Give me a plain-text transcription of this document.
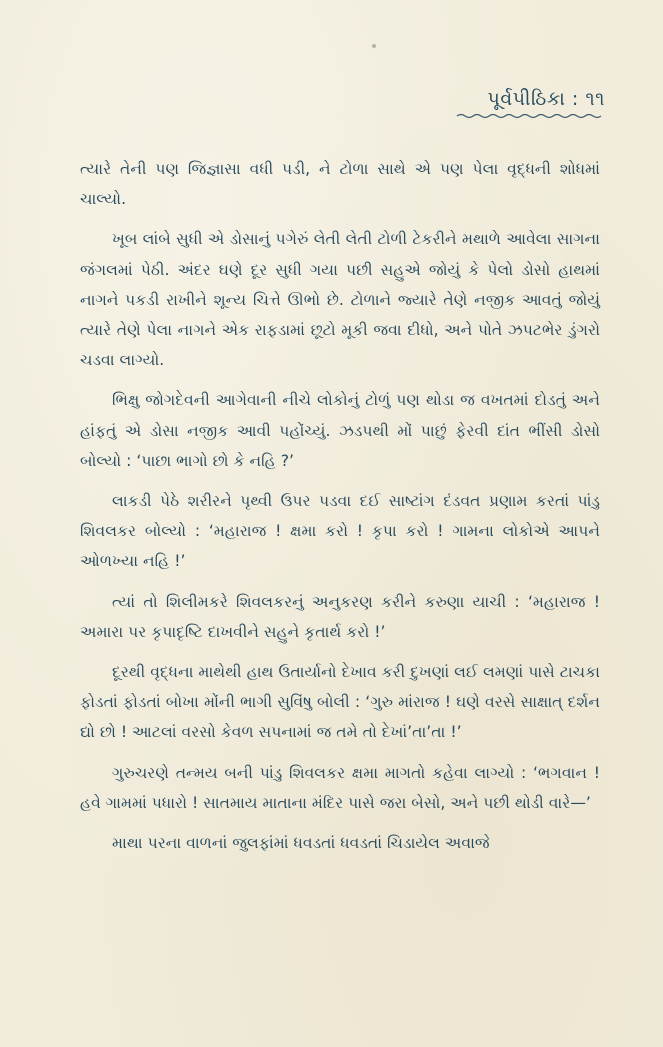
પૂર્વપીઠિકા : ૧૧

ત્યારે તેની પણ જિજ્ઞાસા વધી પડી, ને ટોળા સાથે એ પણ પેલા વૃદ્ધની શોધમાં ચાલ્યો.

ખૂબ લાંબે સુધી એ ડોસાનું પગેરું લેતી લેતી ટોળી ટેકરીને મથાળે આવેલા સાગના જંગલમાં પેઠી. અંદર ઘણે દૂર સુધી ગયા પછી સહુએ જોયું કે પેલો ડોસો હાથમાં નાગને પકડી રાખીને શૂન્ય ચિત્તે ઊભો છે. ટોળાને જ્યારે તેણે નજીક આવતું જોયું ત્યારે તેણે પેલા નાગને એક રાફડામાં છૂટો મૂકી જવા દીધો, અને પોતે ઝપટભેર ડુંગરો ચડવા લાગ્યો.

ભિક્ષુ જોગદેવની આગેવાની નીચે લોકોનું ટોળું પણ થોડા જ વખતમાં દોડતું અને હાંફતું એ ડોસા નજીક આવી પહોંચ્યું. ઝડપથી મોં પાછું ફેરવી દાંત ભીંસી ડોસો બોલ્યો : ‘પાછા ભાગો છો કે નહિ ?’

લાકડી પેઠે શરીરને પૃથ્વી ઉપર પડવા દઈ સાષ્ટાંગ દંડવત પ્રણામ કરતાં પાંડુ શિવલકર બોલ્યો : ‘મહારાજ ! ક્ષમા કરો ! કૃપા કરો ! ગામના લોકોએ આપને ઓળખ્યા નહિ !’

ત્યાં તો શિલીમકરે શિવલકરનું અનુકરણ કરીને કરુણા યાચી : ‘મહારાજ ! અમારા પર કૃપાદૃષ્ટિ દાખવીને સહુને કૃતાર્થ કરો !’

દૂરથી વૃદ્ધના માથેથી હાથ ઉતાર્યાનો દેખાવ કરી દુખણાં લઈ લમણાં પાસે ટાચકા ફોડતાં ફોડતાં બોખા મોંની ભાગી સુવિંષુ બોલી : ‘ગુરુ માંરાજ ! ઘણે વરસે સાક્ષાત્ દર્શન દ્યો છો ! આટલાં વરસો કેવળ સપનામાં જ તમે તો દેખાં’તા’તા !’

ગુરુચરણે તન્મય બની પાંડુ શિવલકર ક્ષમા માગતો કહેવા લાગ્યો : ‘ભગવાન ! હવે ગામમાં પધારો ! સાતમાય માતાના મંદિર પાસે જરા બેસો, અને પછી થોડી વારે—’

માથા પરના વાળનાં જુલફાંમાં ધવડતાં ધવડતાં ચિડાયેલ અવાજે
